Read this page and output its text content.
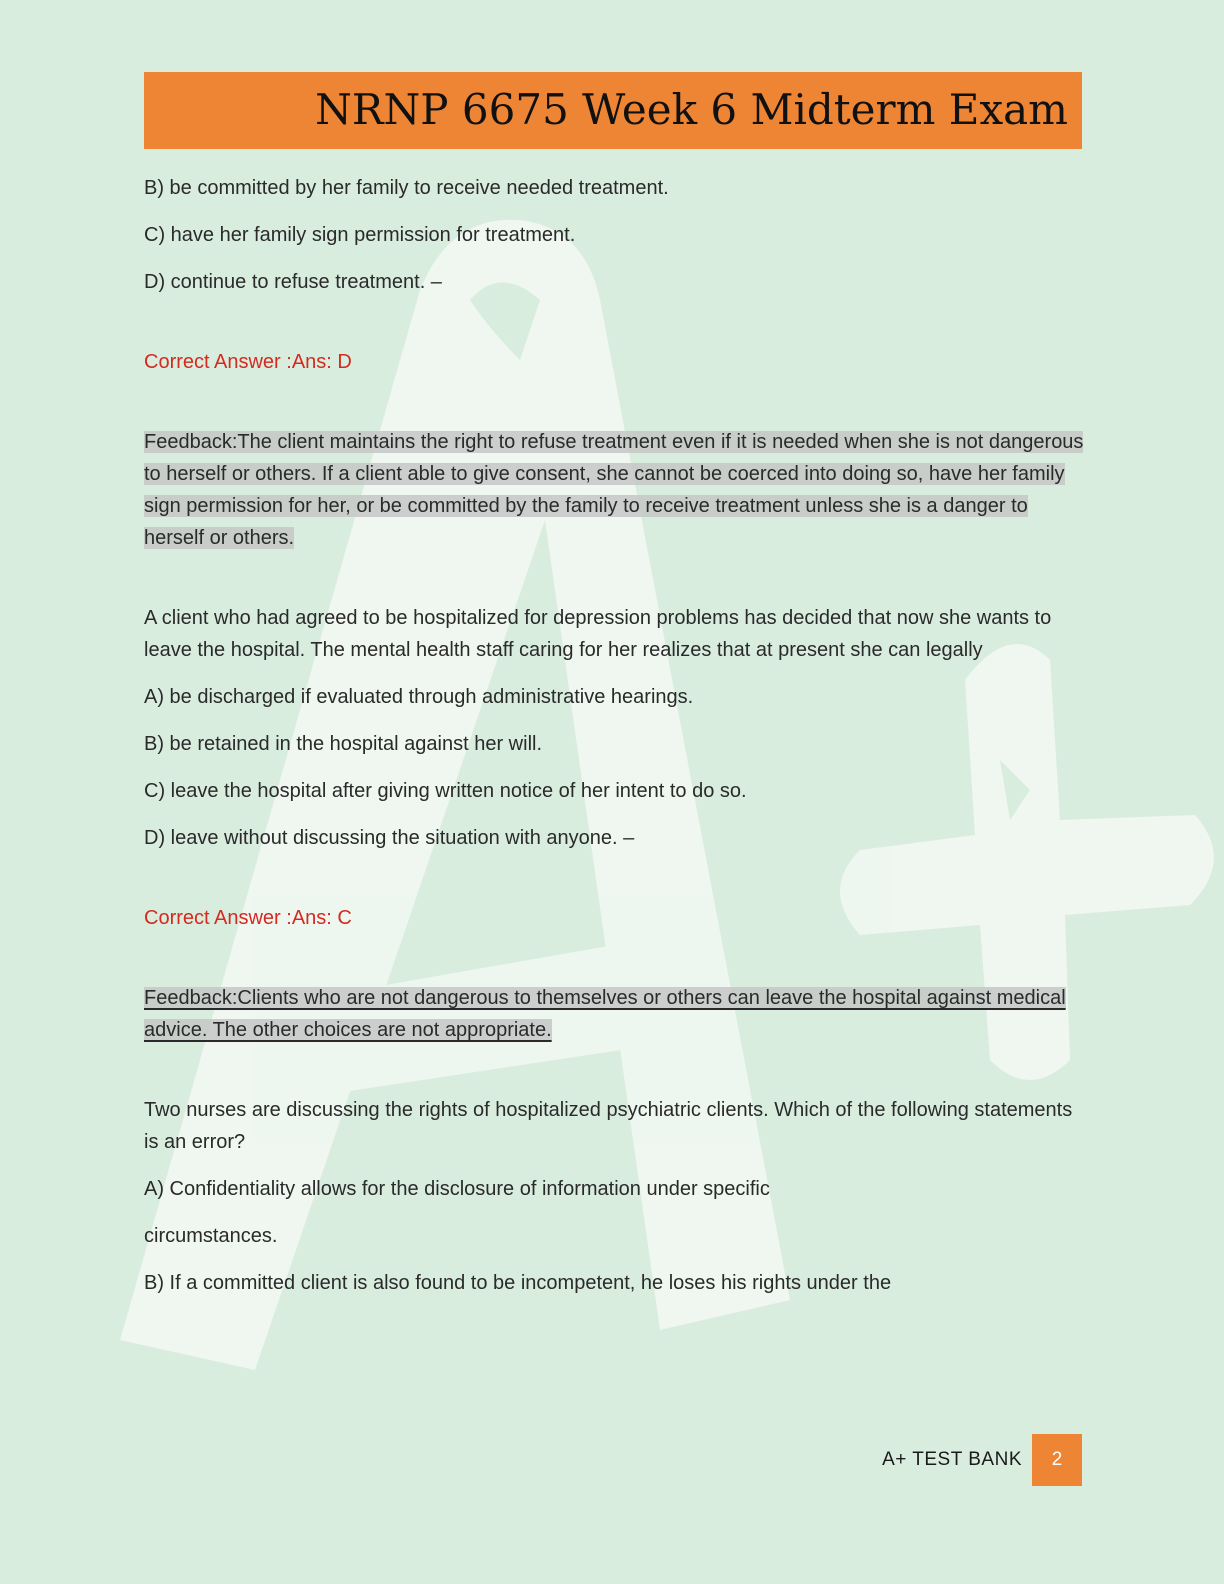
NRNP 6675 Week 6 Midterm Exam

B) be committed by her family to receive needed treatment.

C) have her family sign permission for treatment.

D) continue to refuse treatment. –

Correct Answer :Ans: D

Feedback:The client maintains the right to refuse treatment even if it is needed when she is not dangerous to herself or others. If a client able to give consent, she cannot be coerced into doing so, have her family sign permission for her, or be committed by the family to receive treatment unless she is a danger to herself or others.

A client who had agreed to be hospitalized for depression problems has decided that now she wants to leave the hospital. The mental health staff caring for her realizes that at present she can legally

A) be discharged if evaluated through administrative hearings.

B) be retained in the hospital against her will.

C) leave the hospital after giving written notice of her intent to do so.

D) leave without discussing the situation with anyone. –

Correct Answer :Ans: C

Feedback:Clients who are not dangerous to themselves or others can leave the hospital against medical advice. The other choices are not appropriate.

Two nurses are discussing the rights of hospitalized psychiatric clients. Which of the following statements is an error?

A) Confidentiality allows for the disclosure of information under specific

circumstances.

B) If a committed client is also found to be incompetent, he loses his rights under the

A+ TEST BANK	2
